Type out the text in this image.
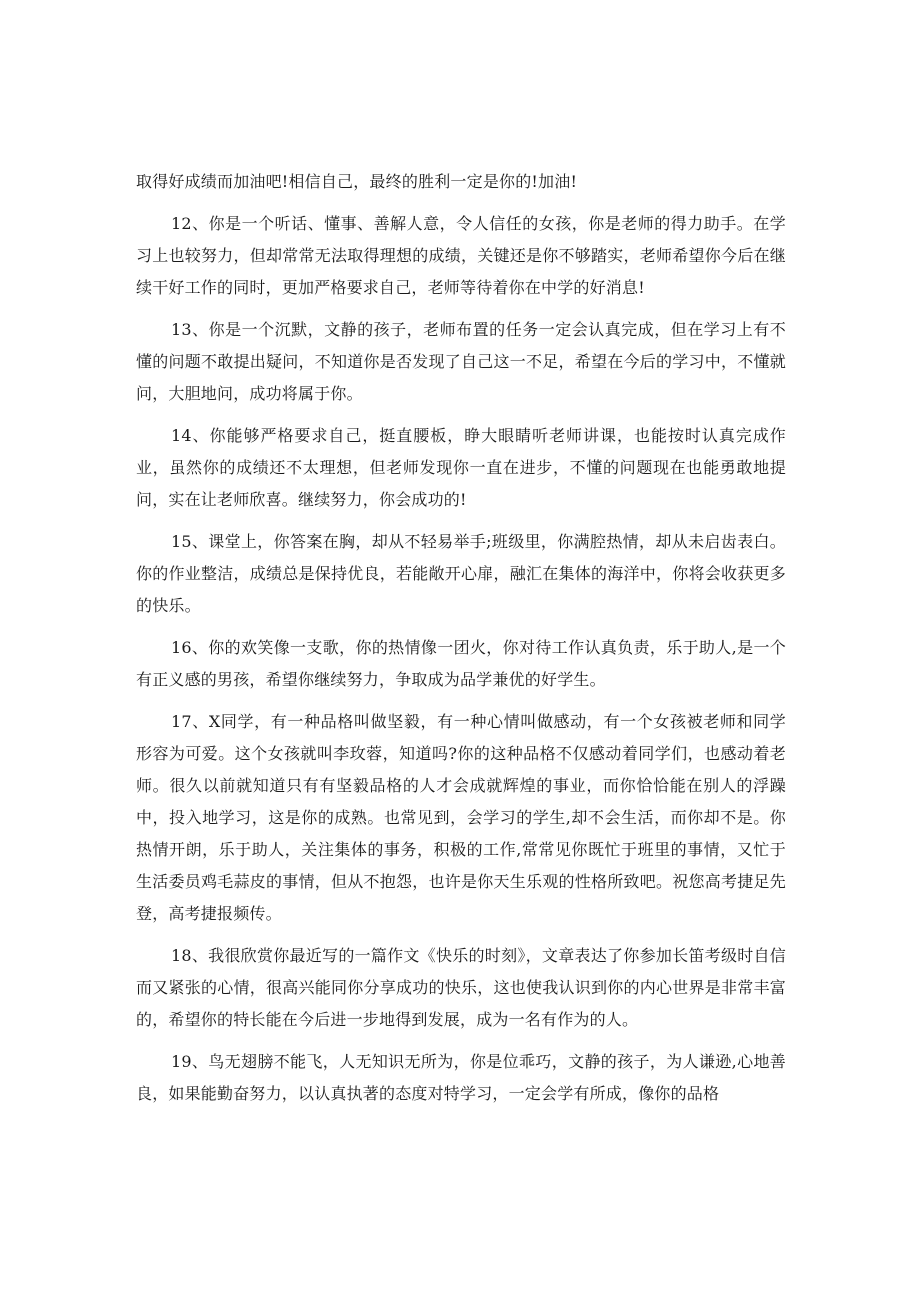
取得好成绩而加油吧!相信自己，最终的胜利一定是你的!加油!

12、你是一个听话、懂事、善解人意，令人信任的女孩，你是老师的得力助手。在学习上也较努力，但却常常无法取得理想的成绩，关键还是你不够踏实，老师希望你今后在继续干好工作的同时，更加严格要求自己，老师等待着你在中学的好消息!

13、你是一个沉默，文静的孩子，老师布置的任务一定会认真完成，但在学习上有不懂的问题不敢提出疑问，不知道你是否发现了自己这一不足，希望在今后的学习中，不懂就问，大胆地问，成功将属于你。

14、你能够严格要求自己，挺直腰板，睁大眼睛听老师讲课，也能按时认真完成作业，虽然你的成绩还不太理想，但老师发现你一直在进步，不懂的问题现在也能勇敢地提问，实在让老师欣喜。继续努力，你会成功的!

15、课堂上，你答案在胸，却从不轻易举手;班级里，你满腔热情，却从未启齿表白。你的作业整洁，成绩总是保持优良，若能敞开心扉，融汇在集体的海洋中，你将会收获更多的快乐。

16、你的欢笑像一支歌，你的热情像一团火，你对待工作认真负责，乐于助人,是一个有正义感的男孩，希望你继续努力，争取成为品学兼优的好学生。

17、X同学，有一种品格叫做坚毅，有一种心情叫做感动，有一个女孩被老师和同学形容为可爱。这个女孩就叫李玫蓉，知道吗?你的这种品格不仅感动着同学们，也感动着老师。很久以前就知道只有有坚毅品格的人才会成就辉煌的事业，而你恰恰能在别人的浮躁中，投入地学习，这是你的成熟。也常见到，会学习的学生,却不会生活，而你却不是。你热情开朗，乐于助人，关注集体的事务，积极的工作,常常见你既忙于班里的事情，又忙于生活委员鸡毛蒜皮的事情，但从不抱怨，也许是你天生乐观的性格所致吧。祝您高考捷足先登，高考捷报频传。

18、我很欣赏你最近写的一篇作文《快乐的时刻》，文章表达了你参加长笛考级时自信而又紧张的心情，很高兴能同你分享成功的快乐，这也使我认识到你的内心世界是非常丰富的，希望你的特长能在今后进一步地得到发展，成为一名有作为的人。

19、鸟无翅膀不能飞，人无知识无所为，你是位乖巧，文静的孩子，为人谦逊,心地善良，如果能勤奋努力，以认真执著的态度对特学习，一定会学有所成，像你的品格
